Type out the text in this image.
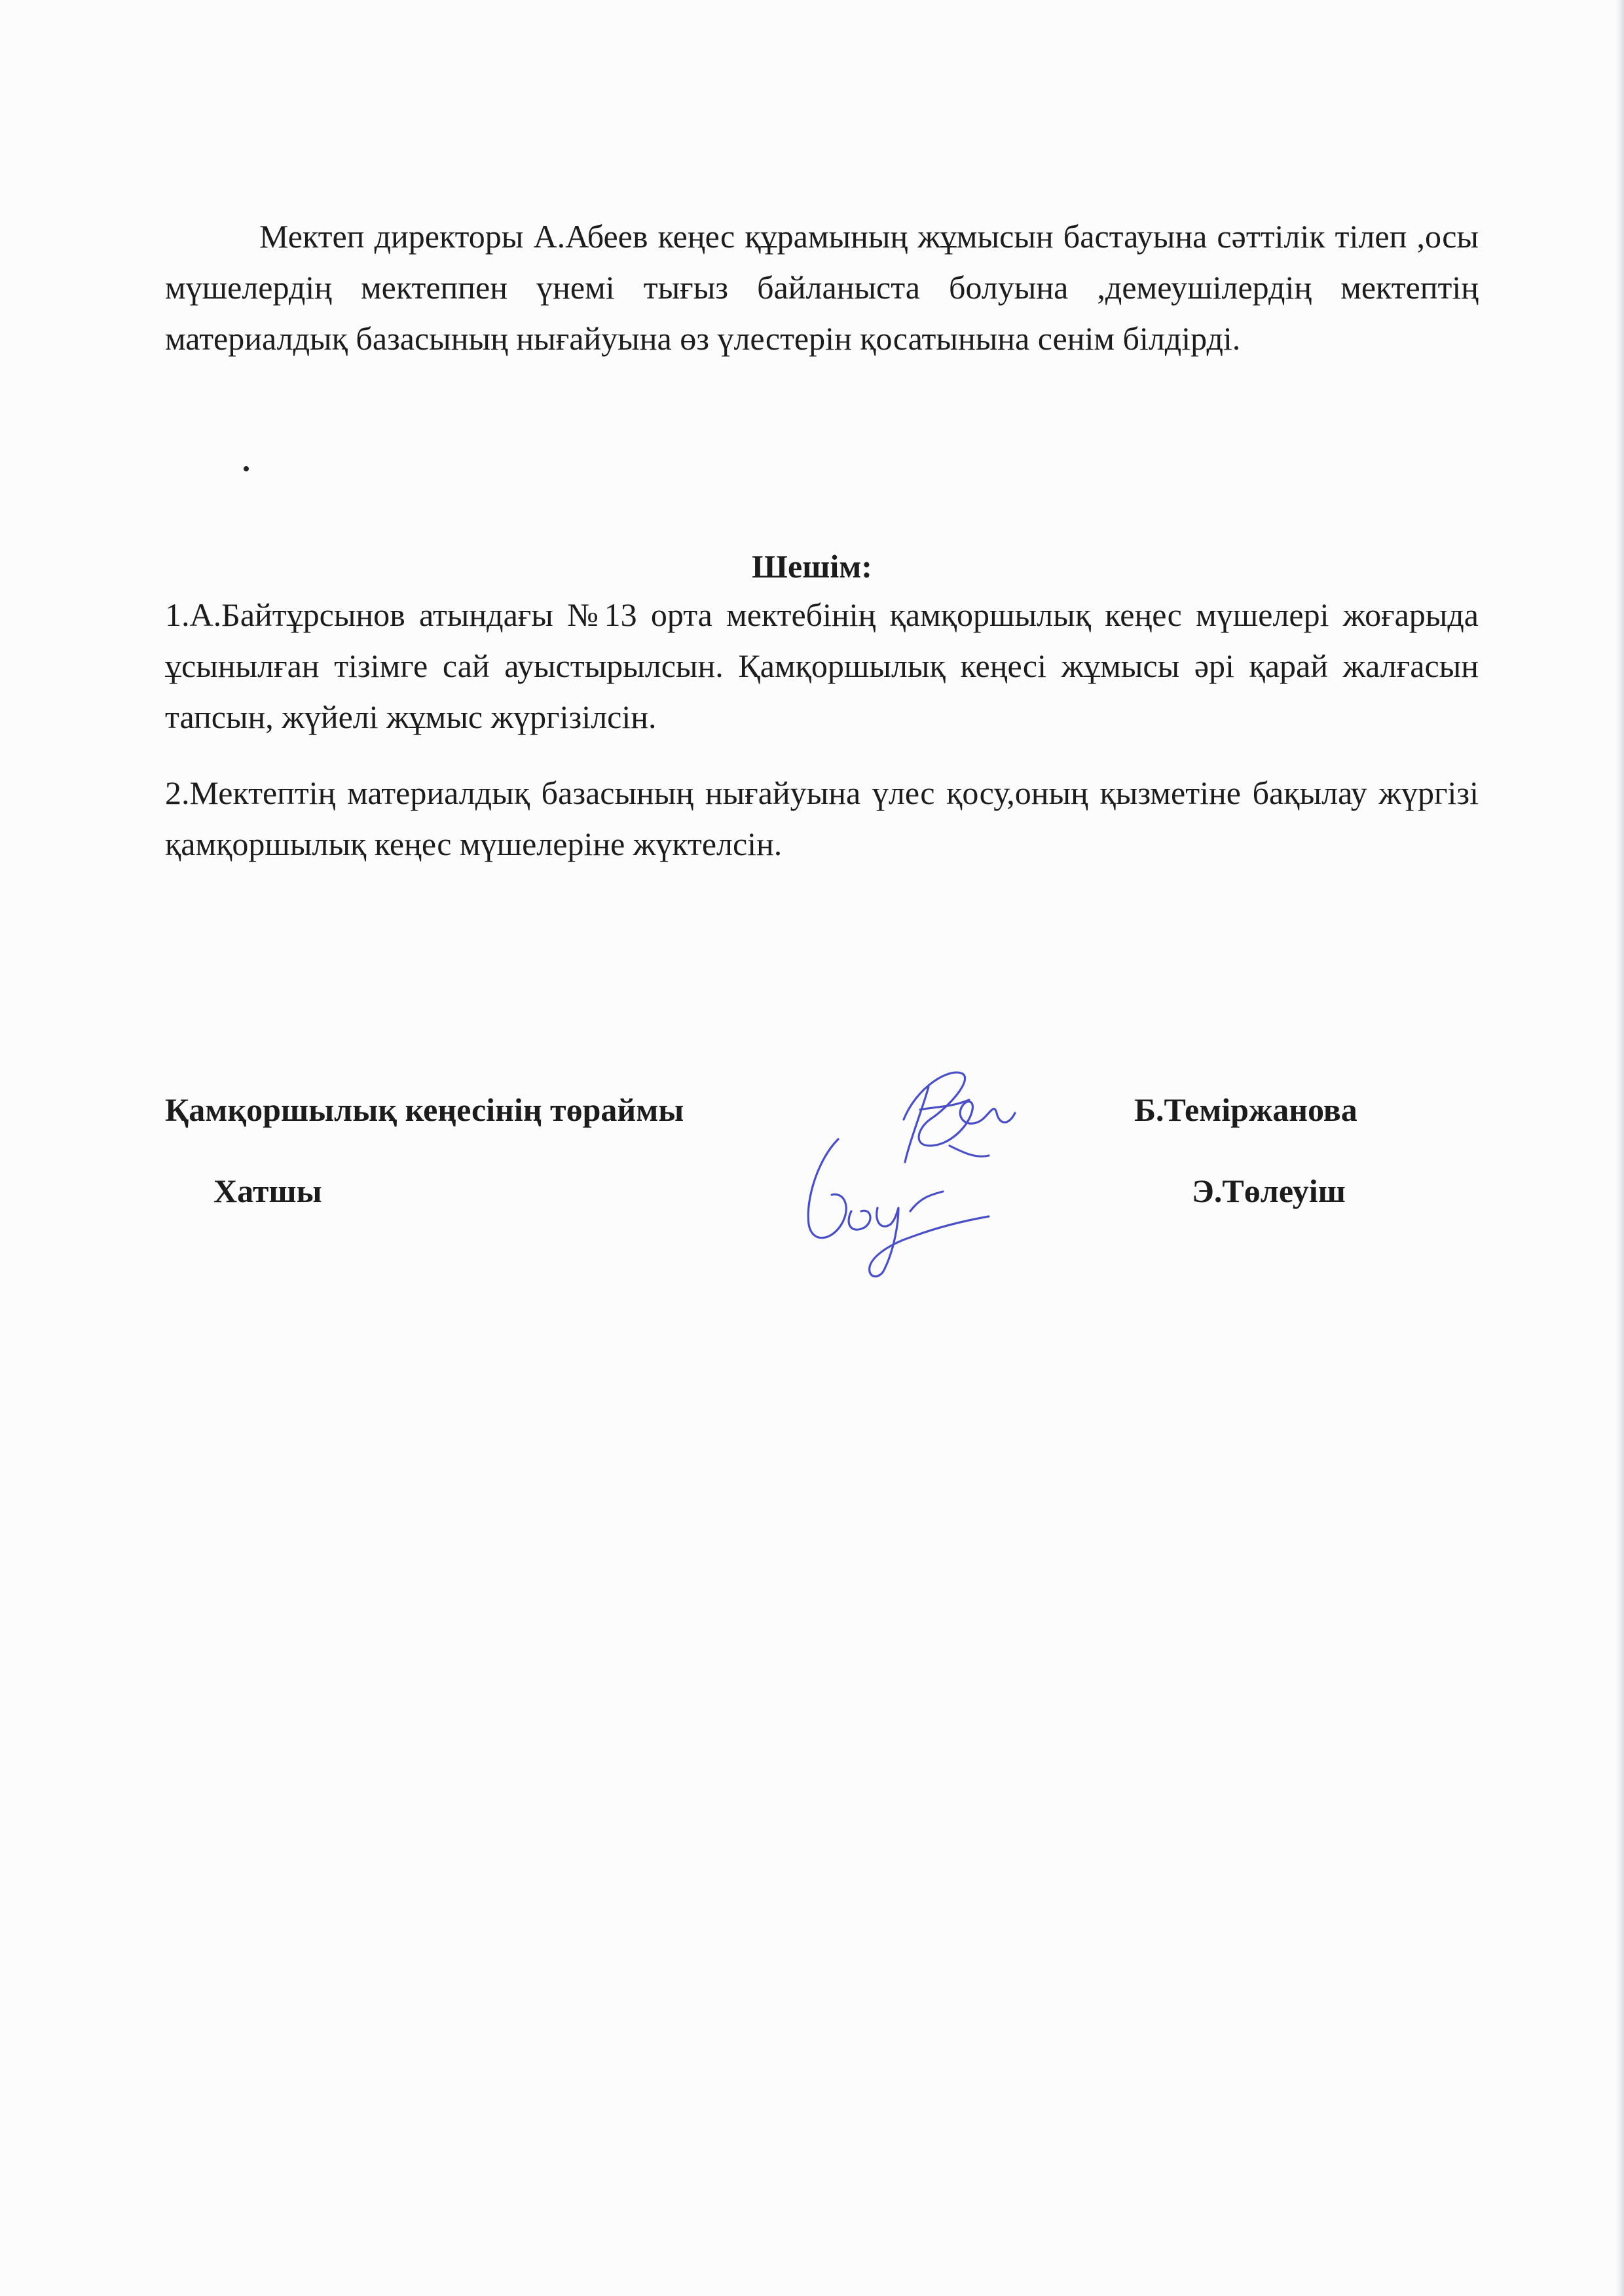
Мектеп директоры А.Абеев кеңес құрамының жұмысын бастауына сәттілік тілеп ,осы мүшелердің мектеппен үнемі тығыз байланыста болуына ,демеушілердің мектептің материалдық базасының нығайуына өз үлестерін қосатынына сенім білдірді.

Шешім:

1.А.Байтұрсынов атындағы №13 орта мектебінің қамқоршылық кеңес мүшелері жоғарыда ұсынылған тізімге сай ауыстырылсын. Қамқоршылық кеңесі жұмысы әрі қарай жалғасын тапсын, жүйелі жұмыс жүргізілсін.

2.Мектептің материалдық базасының нығайуына үлес қосу,оның қызметіне бақылау жүргізі қамқоршылық кеңес мүшелеріне жүктелсін.

Қамқоршылық кеңесінің төраймы	Б.Теміржанова

Хатшы	Э.Төлеуіш
